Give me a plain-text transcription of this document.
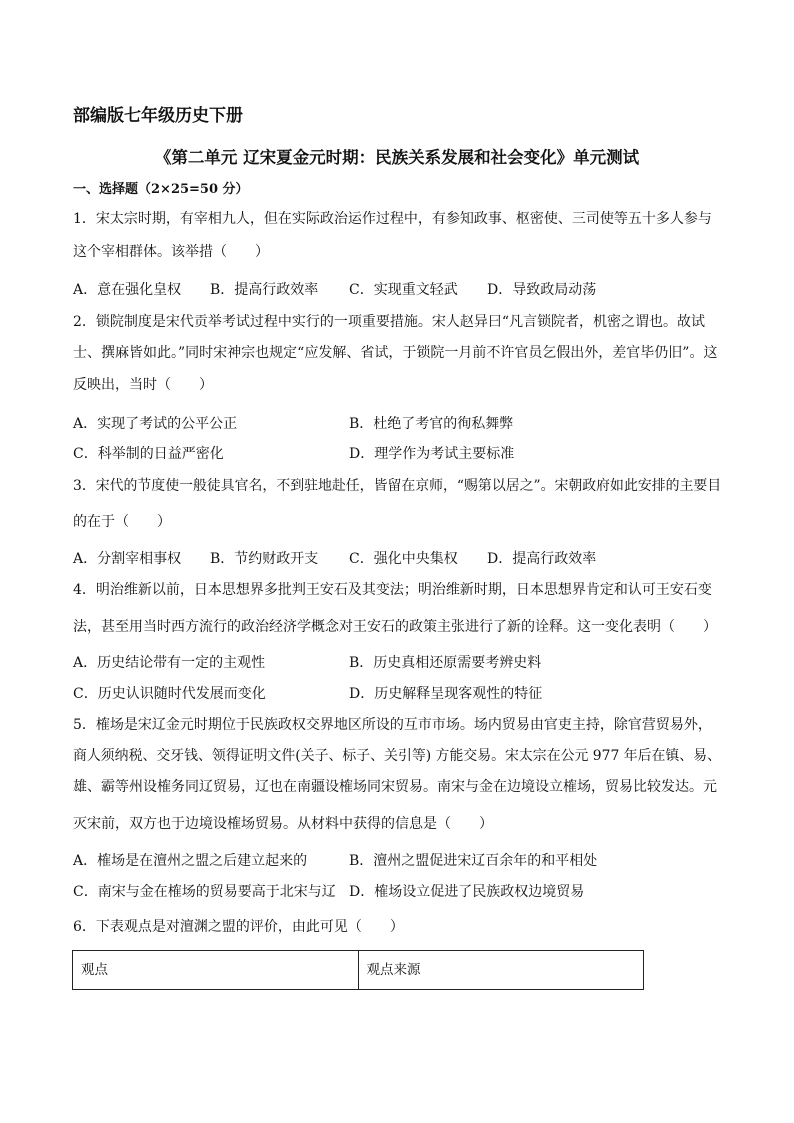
部编版七年级历史下册
《第二单元 辽宋夏金元时期：民族关系发展和社会变化》单元测试
一、选择题（2×25=50 分）
1．宋太宗时期，有宰相九人，但在实际政治运作过程中，有参知政事、枢密使、三司使等五十多人参与
这个宰相群体。该举措（　　）
A．意在强化皇权 B．提高行政效率 C．实现重文轻武 D．导致政局动荡
2．锁院制度是宋代贡举考试过程中实行的一项重要措施。宋人赵异曰“凡言锁院者，机密之谓也。故试
士、撰麻皆如此。”同时宋神宗也规定“应发解、省试，于锁院一月前不许官员乞假出外，差官毕仍旧”。这
反映出，当时（　　）
A．实现了考试的公平公正	B．杜绝了考官的徇私舞弊
C．科举制的日益严密化	D．理学作为考试主要标准
3．宋代的节度使一般徒具官名，不到驻地赴任，皆留在京师，“赐第以居之”。宋朝政府如此安排的主要目
的在于（　　）
A．分割宰相事权 B．节约财政开支 C．强化中央集权 D．提高行政效率
4．明治维新以前，日本思想界多批判王安石及其变法；明治维新时期，日本思想界肯定和认可王安石变
法，甚至用当时西方流行的政治经济学概念对王安石的政策主张进行了新的诠释。这一变化表明（　　）
A．历史结论带有一定的主观性	B．历史真相还原需要考辨史料
C．历史认识随时代发展而变化	D．历史解释呈现客观性的特征
5．榷场是宋辽金元时期位于民族政权交界地区所设的互市市场。场内贸易由官吏主持，除官营贸易外，
商人须纳税、交牙钱、领得证明文件(关子、标子、关引等) 方能交易。宋太宗在公元 977 年后在镇、易、
雄、霸等州设榷务同辽贸易，辽也在南疆设榷场同宋贸易。南宋与金在边境设立榷场，贸易比较发达。元
灭宋前，双方也于边境设榷场贸易。从材料中获得的信息是（　　）
A．榷场是在澶州之盟之后建立起来的	B．澶州之盟促进宋辽百余年的和平相处
C．南宋与金在榷场的贸易要高于北宋与辽 D．榷场设立促进了民族政权边境贸易
6．下表观点是对澶渊之盟的评价，由此可见（　　）
观点	观点来源
